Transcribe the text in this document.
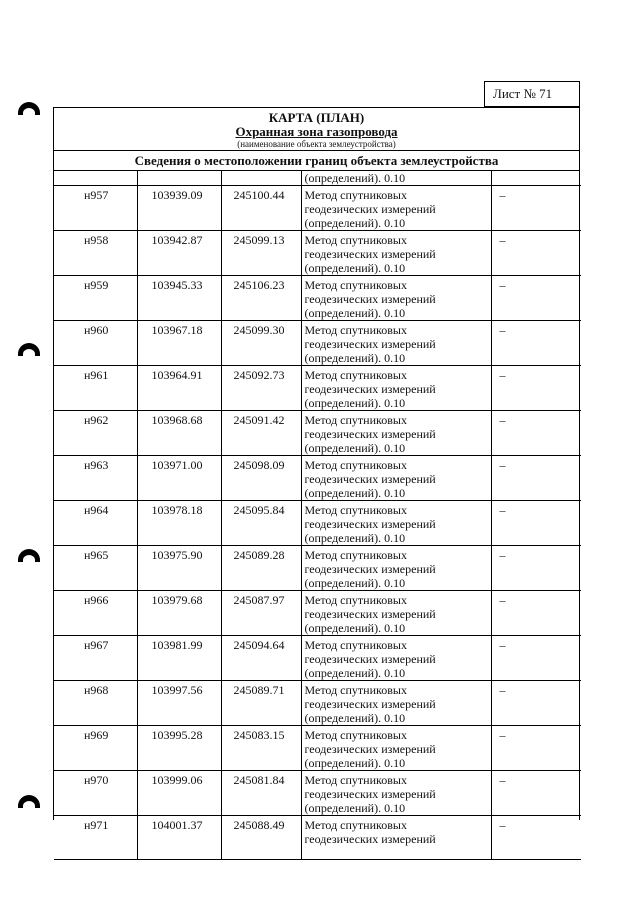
Лист № 71
КАРТА (ПЛАН)
Охранная зона газопровода
(наименование объекта землеустройства)
Сведения о местоположении границ объекта землеустройства

			(определений). 0.10	

н957	103939.09	245100.44	Метод спутниковых
геодезических измерений
(определений). 0.10	–

н958	103942.87	245099.13	Метод спутниковых
геодезических измерений
(определений). 0.10	–

н959	103945.33	245106.23	Метод спутниковых
геодезических измерений
(определений). 0.10	–

н960	103967.18	245099.30	Метод спутниковых
геодезических измерений
(определений). 0.10	–

н961	103964.91	245092.73	Метод спутниковых
геодезических измерений
(определений). 0.10	–

н962	103968.68	245091.42	Метод спутниковых
геодезических измерений
(определений). 0.10	–

н963	103971.00	245098.09	Метод спутниковых
геодезических измерений
(определений). 0.10	–

н964	103978.18	245095.84	Метод спутниковых
геодезических измерений
(определений). 0.10	–

н965	103975.90	245089.28	Метод спутниковых
геодезических измерений
(определений). 0.10	–

н966	103979.68	245087.97	Метод спутниковых
геодезических измерений
(определений). 0.10	–

н967	103981.99	245094.64	Метод спутниковых
геодезических измерений
(определений). 0.10	–

н968	103997.56	245089.71	Метод спутниковых
геодезических измерений
(определений). 0.10	–

н969	103995.28	245083.15	Метод спутниковых
геодезических измерений
(определений). 0.10	–

н970	103999.06	245081.84	Метод спутниковых
геодезических измерений
(определений). 0.10	–

н971	104001.37	245088.49	Метод спутниковых
геодезических измерений	–
